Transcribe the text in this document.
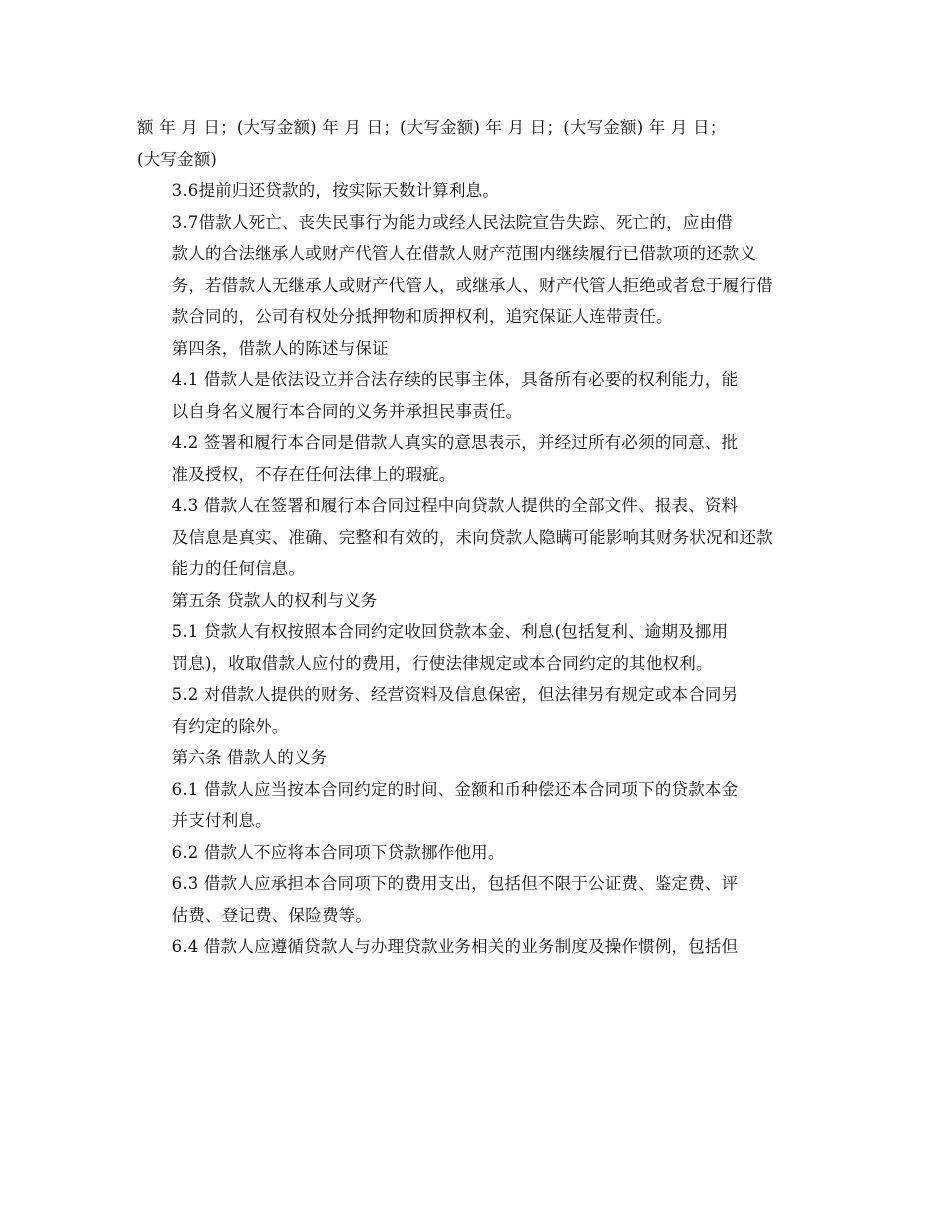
额 年 月 日；(大写金额) 年 月 日；(大写金额) 年 月 日；(大写金额) 年 月 日；
(大写金额)

3.6提前归还贷款的，按实际天数计算利息。

3.7借款人死亡、丧失民事行为能力或经人民法院宣告失踪、死亡的，应由借
款人的合法继承人或财产代管人在借款人财产范围内继续履行已借款项的还款义
务，若借款人无继承人或财产代管人，或继承人、财产代管人拒绝或者怠于履行借
款合同的，公司有权处分抵押物和质押权利，追究保证人连带责任。

第四条，借款人的陈述与保证

4.1 借款人是依法设立并合法存续的民事主体，具备所有必要的权利能力，能
以自身名义履行本合同的义务并承担民事责任。

4.2 签署和履行本合同是借款人真实的意思表示，并经过所有必须的同意、批
准及授权，不存在任何法律上的瑕疵。

4.3 借款人在签署和履行本合同过程中向贷款人提供的全部文件、报表、资料
及信息是真实、准确、完整和有效的，未向贷款人隐瞒可能影响其财务状况和还款
能力的任何信息。

第五条 贷款人的权利与义务

5.1 贷款人有权按照本合同约定收回贷款本金、利息(包括复利、逾期及挪用
罚息)，收取借款人应付的费用，行使法律规定或本合同约定的其他权利。

5.2 对借款人提供的财务、经营资料及信息保密，但法律另有规定或本合同另
有约定的除外。

第六条 借款人的义务

6.1 借款人应当按本合同约定的时间、金额和币种偿还本合同项下的贷款本金
并支付利息。

6.2 借款人不应将本合同项下贷款挪作他用。

6.3 借款人应承担本合同项下的费用支出，包括但不限于公证费、鉴定费、评
估费、登记费、保险费等。

6.4 借款人应遵循贷款人与办理贷款业务相关的业务制度及操作惯例，包括但
